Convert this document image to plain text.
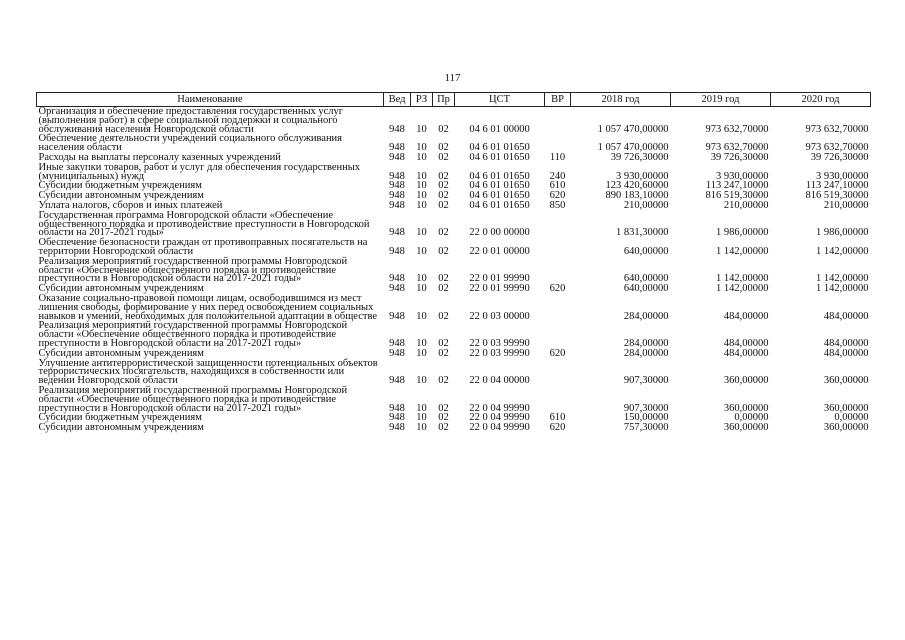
117
Наименование	Вед	РЗ	Пр	ЦСТ	ВР	2018 год	2019 год	2020 год
Организация и обеспечение предоставления государственных услуг (выполнения работ) в сфере социальной поддержки и социального обслуживания населения Новгородской области	948	10	02	04 6 01 00000		1 057 470,00000	973 632,70000	973 632,70000
Обеспечение деятельности учреждений социального обслуживания населения области	948	10	02	04 6 01 01650		1 057 470,00000	973 632,70000	973 632,70000
Расходы на выплаты персоналу казенных учреждений	948	10	02	04 6 01 01650	110	39 726,30000	39 726,30000	39 726,30000
Иные закупки товаров, работ и услуг для обеспечения государственных (муниципальных) нужд	948	10	02	04 6 01 01650	240	3 930,00000	3 930,00000	3 930,00000
Субсидии бюджетным учреждениям	948	10	02	04 6 01 01650	610	123 420,60000	113 247,10000	113 247,10000
Субсидии автономным учреждениям	948	10	02	04 6 01 01650	620	890 183,10000	816 519,30000	816 519,30000
Уплата налогов, сборов и иных платежей	948	10	02	04 6 01 01650	850	210,00000	210,00000	210,00000
Государственная программа Новгородской области «Обеспечение общественного порядка и противодействие преступности в Новгородской области на 2017-2021 годы»	948	10	02	22 0 00 00000		1 831,30000	1 986,00000	1 986,00000
Обеспечение безопасности граждан от противоправных посягательств на территории Новгородской области	948	10	02	22 0 01 00000		640,00000	1 142,00000	1 142,00000
Реализация мероприятий государственной программы Новгородской области «Обеспечение общественного порядка и противодействие преступности в Новгородской области на 2017-2021 годы»	948	10	02	22 0 01 99990		640,00000	1 142,00000	1 142,00000
Субсидии автономным учреждениям	948	10	02	22 0 01 99990	620	640,00000	1 142,00000	1 142,00000
Оказание социально-правовой помощи лицам, освободившимся из мест лишения свободы, формирование у них перед освобождением социальных навыков и умений, необходимых для положительной адаптации в обществе	948	10	02	22 0 03 00000		284,00000	484,00000	484,00000
Реализация мероприятий государственной программы Новгородской области «Обеспечение общественного порядка и противодействие преступности в Новгородской области на 2017-2021 годы»	948	10	02	22 0 03 99990		284,00000	484,00000	484,00000
Субсидии автономным учреждениям	948	10	02	22 0 03 99990	620	284,00000	484,00000	484,00000
Улучшение антитеррористической защищенности потенциальных объектов террористических посягательств, находящихся в собственности или ведении Новгородской области	948	10	02	22 0 04 00000		907,30000	360,00000	360,00000
Реализация мероприятий государственной программы Новгородской области «Обеспечение общественного порядка и противодействие преступности в Новгородской области на 2017-2021 годы»	948	10	02	22 0 04 99990		907,30000	360,00000	360,00000
Субсидии бюджетным учреждениям	948	10	02	22 0 04 99990	610	150,00000	0,00000	0,00000
Субсидии автономным учреждениям	948	10	02	22 0 04 99990	620	757,30000	360,00000	360,00000
